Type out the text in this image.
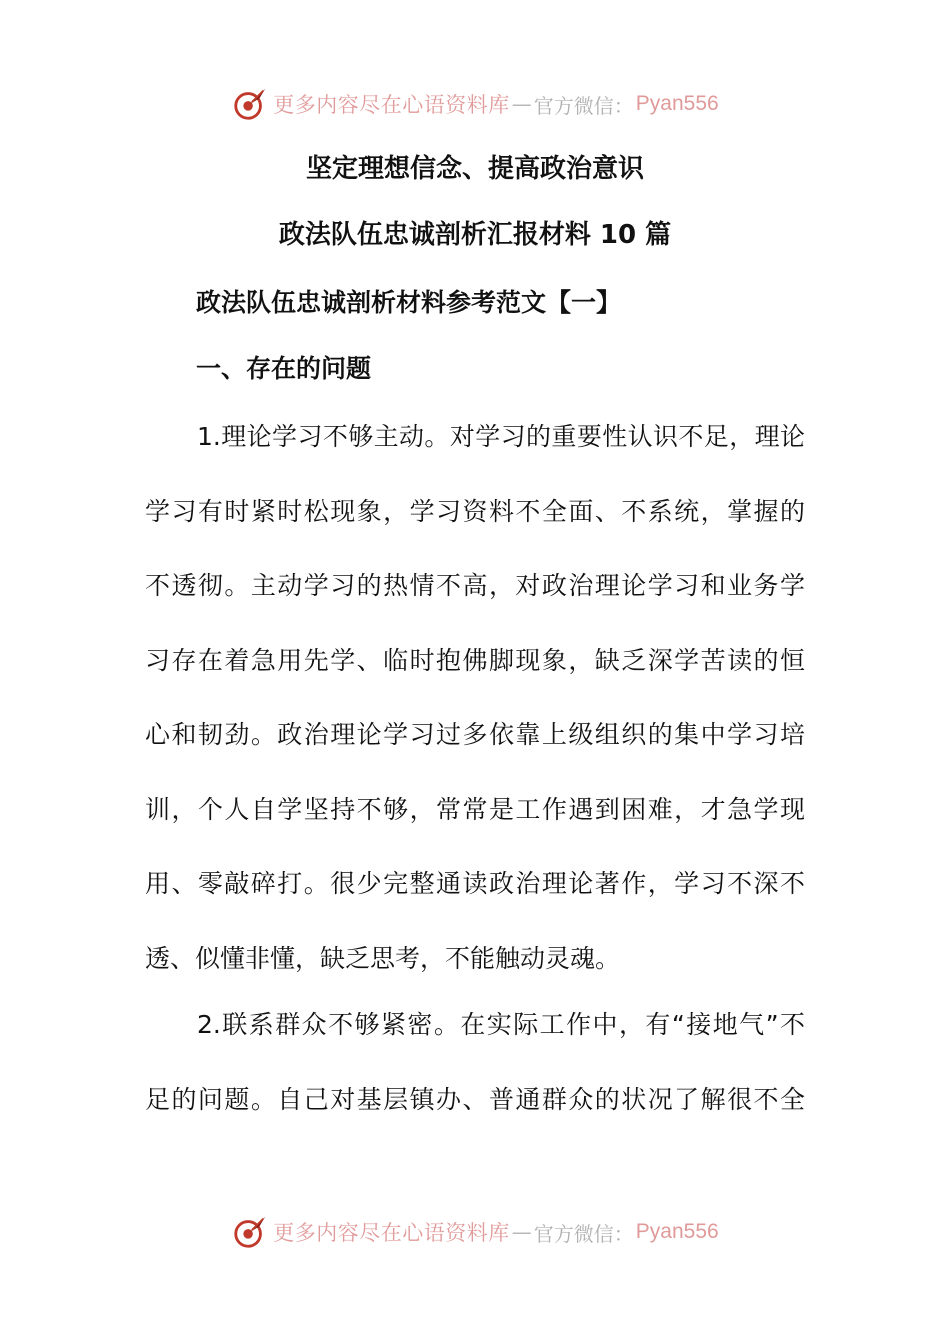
更多内容尽在心语资料库 — 官方微信： Pyan556
坚定理想信念、提高政治意识
政法队伍忠诚剖析汇报材料 10 篇
政法队伍忠诚剖析材料参考范文【一】
一、存在的问题
1.理论学习不够主动。对学习的重要性认识不足，理论
学习有时紧时松现象，学习资料不全面、不系统，掌握的
不透彻。主动学习的热情不高，对政治理论学习和业务学
习存在着急用先学、临时抱佛脚现象，缺乏深学苦读的恒
心和韧劲。政治理论学习过多依靠上级组织的集中学习培
训，个人自学坚持不够，常常是工作遇到困难，才急学现
用、零敲碎打。很少完整通读政治理论著作，学习不深不
透、似懂非懂，缺乏思考，不能触动灵魂。
2.联系群众不够紧密。在实际工作中，有“接地气”不
足的问题。自己对基层镇办、普通群众的状况了解很不全
更多内容尽在心语资料库 — 官方微信： Pyan556
